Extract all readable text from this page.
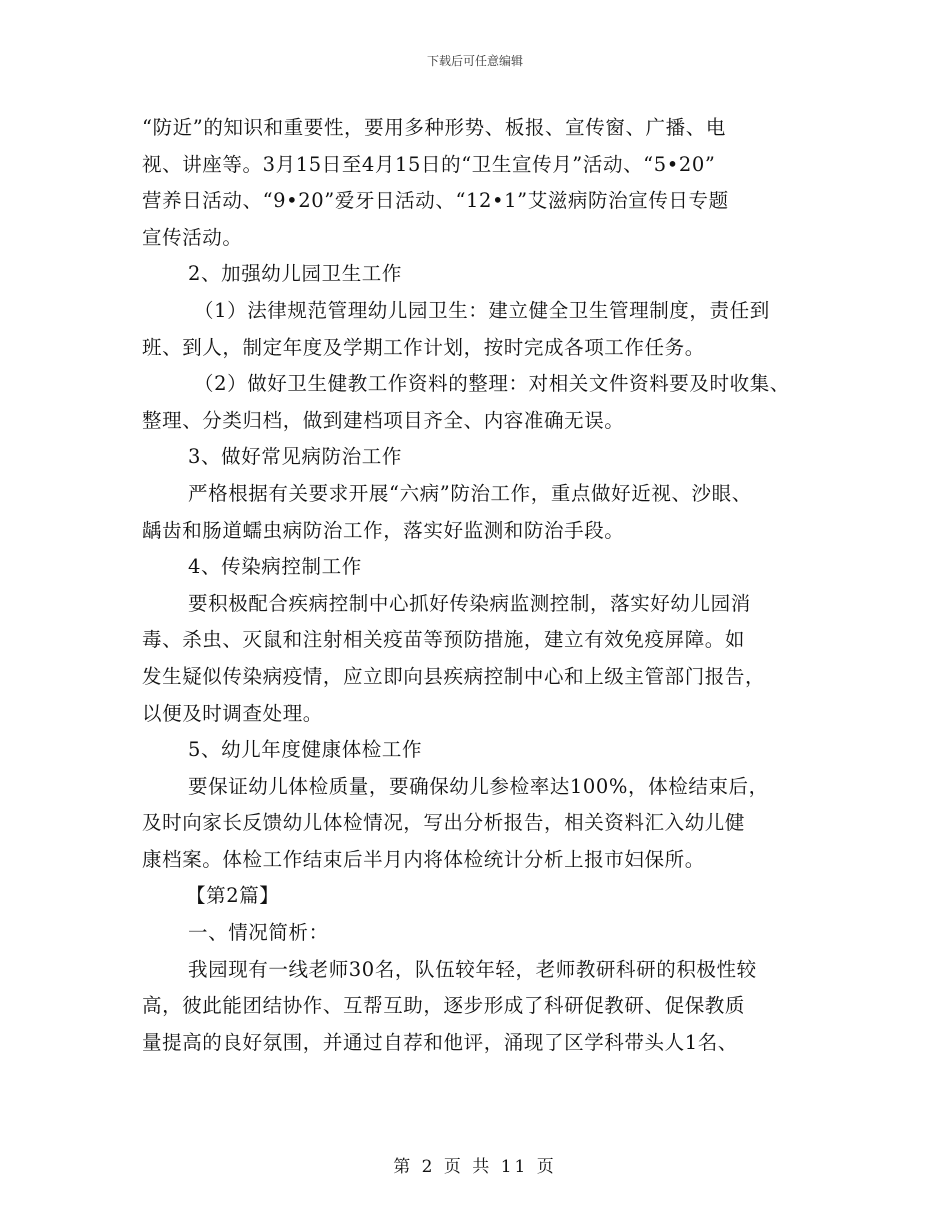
下载后可任意编辑
“防近”的知识和重要性，要用多种形势、板报、宣传窗、广播、电
视、讲座等。3月15日至4月15日的“卫生宣传月”活动、“5•20”
营养日活动、“9•20”爱牙日活动、“12•1”艾滋病防治宣传日专题
宣传活动。
2、加强幼儿园卫生工作
（1）法律规范管理幼儿园卫生：建立健全卫生管理制度，责任到
班、到人，制定年度及学期工作计划，按时完成各项工作任务。
（2）做好卫生健教工作资料的整理：对相关文件资料要及时收集、
整理、分类归档，做到建档项目齐全、内容准确无误。
3、做好常见病防治工作
严格根据有关要求开展“六病”防治工作，重点做好近视、沙眼、
龋齿和肠道蠕虫病防治工作，落实好监测和防治手段。
4、传染病控制工作
要积极配合疾病控制中心抓好传染病监测控制，落实好幼儿园消
毒、杀虫、灭鼠和注射相关疫苗等预防措施，建立有效免疫屏障。如
发生疑似传染病疫情，应立即向县疾病控制中心和上级主管部门报告，
以便及时调查处理。
5、幼儿年度健康体检工作
要保证幼儿体检质量，要确保幼儿参检率达100%，体检结束后，
及时向家长反馈幼儿体检情况，写出分析报告，相关资料汇入幼儿健
康档案。体检工作结束后半月内将体检统计分析上报市妇保所。
【第2篇】
一、情况简析：
我园现有一线老师30名，队伍较年轻，老师教研科研的积极性较
高，彼此能团结协作、互帮互助，逐步形成了科研促教研、促保教质
量提高的良好氛围，并通过自荐和他评，涌现了区学科带头人1名、
第 2 页 共 11 页
